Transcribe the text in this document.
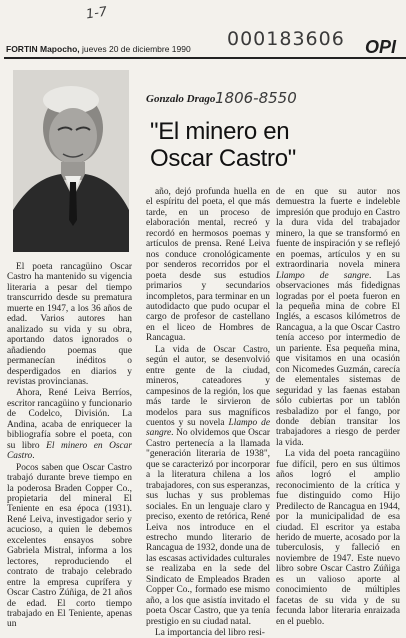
1-7
000183606
FORTIN Mapocho, jueves 20 de diciembre 1990	OPI
Gonzalo Drago 1806-8550
"El minero en
Oscar Castro"

El poeta rancagüino Oscar Castro ha mantenido su vigencia literaria a pesar del tiempo transcurrido desde su prematura muerte en 1947, a los 36 años de edad. Varios autores han analizado su vida y su obra, aportando datos ignorados o añadiendo poemas que permanecían inéditos o desperdigados en diarios y revistas provincianas.

Ahora, René Leiva Berríos, escritor rancagüino y funcionario de Codelco, División. La Andina, acaba de enriquecer la bibliografía sobre el poeta, con su libro El minero en Oscar Castro.

Pocos saben que Oscar Castro trabajó durante breve tiempo en la poderosa Braden Copper Co., propietaria del mineral El Teniente en esa época (1931). René Leiva, investigador serio y acucioso, a quien le debemos excelentes ensayos sobre Gabriela Mistral, informa a los lectores, reproduciendo el contrato de trabajo celebrado entre la empresa cuprífera y Oscar Castro Zúñiga, de 21 años de edad. El corto tiempo trabajado en El Teniente, apenas un

año, dejó profunda huella en el espíritu del poeta, el que más tarde, en un proceso de elaboración mental, recreó y recordó en hermosos poemas y artículos de prensa. René Leiva nos conduce cronológicamente por senderos recorridos por el poeta desde sus estudios primarios y secundarios incompletos, para terminar en un autodidacto que pudo ocupar el cargo de profesor de castellano en el liceo de Hombres de Rancagua.

La vida de Oscar Castro, según el autor, se desenvolvió entre gente de la ciudad, mineros, cateadores y campesinos de la región, los que más tarde le sirvieron de modelos para sus magníficos cuentos y su novela Llampo de sangre. No olvidemos que Oscar Castro pertenecía a la llamada "generación literaria de 1938", que se caracterizó por incorporar a la literatura chilena a los trabajadores, con sus esperanzas, sus luchas y sus problemas sociales. En un lenguaje claro y preciso, exento de retórica, René Leiva nos introduce en el estrecho mundo literario de Rancagua de 1932, donde una de las escasas actividades culturales se realizaba en la sede del Sindicato de Empleados Braden Copper Co., formado ese mismo año, a los que asistía invitado el poeta Oscar Castro, que ya tenía prestigio en su ciudad natal.

La importancia del libro resi-

de en que su autor nos demuestra la fuerte e indeleble impresión que produjo en Castro la dura vida del trabajador minero, la que se transformó en fuente de inspiración y se reflejó en poemas, artículos y en su extraordinaria novela minera Llampo de sangre. Las observaciones más fidedignas logradas por el poeta fueron en la pequeña mina de cobre El Inglés, a escasos kilómetros de Rancagua, a la que Oscar Castro tenía acceso por intermedio de un pariente. Esa pequeña mina, que visitamos en una ocasión con Nicomedes Guzmán, carecía de elementales sistemas de seguridad y las faenas estaban sólo cubiertas por un tablón resbaladizo por el fango, por donde debían transitar los trabajadores a riesgo de perder la vida.

La vida del poeta rancagüino fue difícil, pero en sus últimos años logró el amplio reconocimiento de la crítica y fue distinguido como Hijo Predilecto de Rancagua en 1944, por la municipalidad de esa ciudad. El escritor ya estaba herido de muerte, acosado por la tuberculosis, y falleció en noviembre de 1947. Este nuevo libro sobre Oscar Castro Zúñiga es un valioso aporte al conocimiento de múltiples facetas de su vida y de su fecunda labor literaria enraizada en el pueblo.
